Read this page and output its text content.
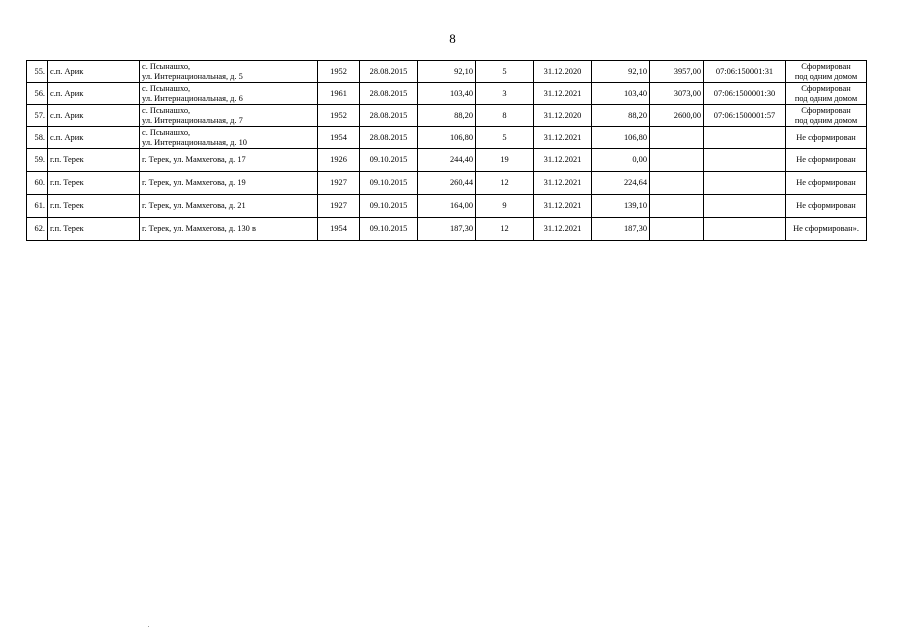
8
55.	с.п. Арик	с. Псынашхо,
ул. Интернациональная, д. 5	1952	28.08.2015	92,10	5	31.12.2020	92,10	3957,00	07:06:150001:31	Сформирован
под одним домом

56.	с.п. Арик	с. Псынашхо,
ул. Интернациональная, д. 6	1961	28.08.2015	103,40	3	31.12.2021	103,40	3073,00	07:06:1500001:30	Сформирован
под одним домом

57.	с.п. Арик	с. Псынашхо,
ул. Интернациональная, д. 7	1952	28.08.2015	88,20	8	31.12.2020	88,20	2600,00	07:06:1500001:57	Сформирован
под одним домом

58.	с.п. Арик	с. Псынашхо,
ул. Интернациональная, д. 10	1954	28.08.2015	106,80	5	31.12.2021	106,80			Не сформирован

59.	г.п. Терек	г. Терек, ул. Мамхегова, д. 17	1926	09.10.2015	244,40	19	31.12.2021	0,00			Не сформирован

60.	г.п. Терек	г. Терек, ул. Мамхегова, д. 19	1927	09.10.2015	260,44	12	31.12.2021	224,64			Не сформирован

61.	г.п. Терек	г. Терек, ул. Мамхегова, д. 21	1927	09.10.2015	164,00	9	31.12.2021	139,10			Не сформирован

62.	г.п. Терек	г. Терек, ул. Мамхегова, д. 130 в	1954	09.10.2015	187,30	12	31.12.2021	187,30			Не сформирован».
